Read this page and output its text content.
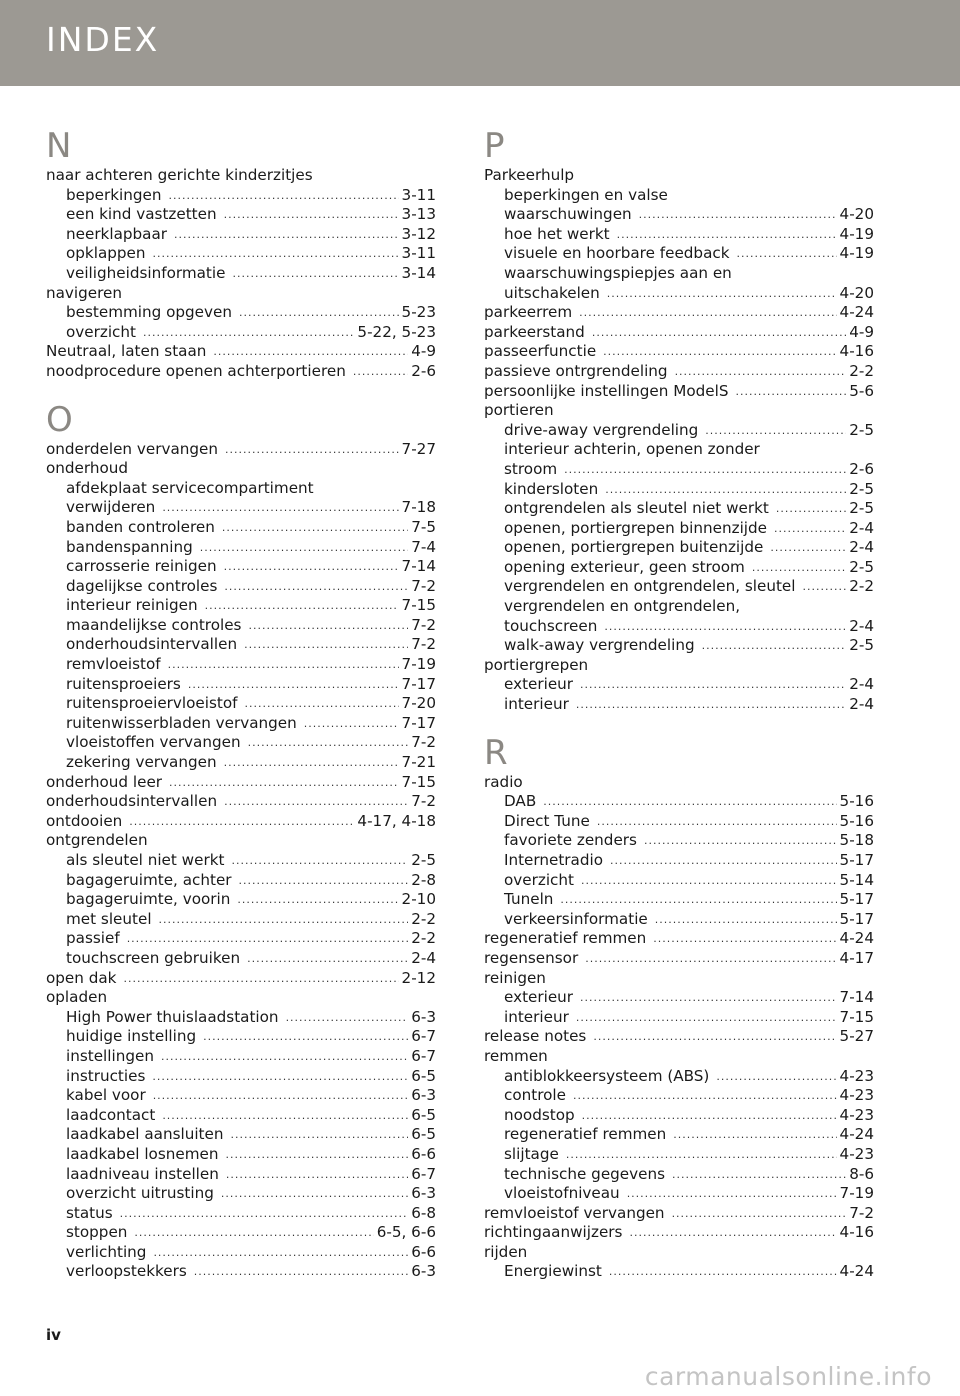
INDEX
N
naar achteren gerichte kinderzitjes
beperkingen .....	3-11
een kind vastzetten .....	3-13
neerklapbaar .....	3-12
opklappen .....	3-11
veiligheidsinformatie .....	3-14
navigeren
bestemming opgeven .....	5-23
overzicht .....	5-22, 5-23
Neutraal, laten staan .....	4-9
noodprocedure openen achterportieren .....	2-6
O
onderdelen vervangen .....	7-27
onderhoud
afdekplaat servicecompartiment
verwijderen .....	7-18
banden controleren .....	7-5
bandenspanning .....	7-4
carrosserie reinigen .....	7-14
dagelijkse controles .....	7-2
interieur reinigen .....	7-15
maandelijkse controles .....	7-2
onderhoudsintervallen .....	7-2
remvloeistof .....	7-19
ruitensproeiers .....	7-17
ruitensproeiervloeistof .....	7-20
ruitenwisserbladen vervangen .....	7-17
vloeistoffen vervangen .....	7-2
zekering vervangen .....	7-21
onderhoud leer .....	7-15
onderhoudsintervallen .....	7-2
ontdooien .....	4-17, 4-18
ontgrendelen
als sleutel niet werkt .....	2-5
bagageruimte, achter .....	2-8
bagageruimte, voorin .....	2-10
met sleutel .....	2-2
passief .....	2-2
touchscreen gebruiken .....	2-4
open dak .....	2-12
opladen
High Power thuislaadstation .....	6-3
huidige instelling .....	6-7
instellingen .....	6-7
instructies .....	6-5
kabel voor .....	6-3
laadcontact .....	6-5
laadkabel aansluiten .....	6-5
laadkabel losnemen .....	6-6
laadniveau instellen .....	6-7
overzicht uitrusting .....	6-3
status .....	6-8
stoppen .....	6-5, 6-6
verlichting .....	6-6
verloopstekkers .....	6-3
P
Parkeerhulp
beperkingen en valse
waarschuwingen .....	4-20
hoe het werkt .....	4-19
visuele en hoorbare feedback .....	4-19
waarschuwingspiepjes aan en
uitschakelen .....	4-20
parkeerrem .....	4-24
parkeerstand .....	4-9
passeerfunctie .....	4-16
passieve ontrgrendeling .....	2-2
persoonlijke instellingen ModelS .....	5-6
portieren
drive-away vergrendeling .....	2-5
interieur achterin, openen zonder
stroom .....	2-6
kindersloten .....	2-5
ontgrendelen als sleutel niet werkt .....	2-5
openen, portiergrepen binnenzijde .....	2-4
openen, portiergrepen buitenzijde .....	2-4
opening exterieur, geen stroom .....	2-5
vergrendelen en ontgrendelen, sleutel .....	2-2
vergrendelen en ontgrendelen,
touchscreen .....	2-4
walk-away vergrendeling .....	2-5
portiergrepen
exterieur .....	2-4
interieur .....	2-4
R
radio
DAB .....	5-16
Direct Tune .....	5-16
favoriete zenders .....	5-18
Internetradio .....	5-17
overzicht .....	5-14
Tuneln .....	5-17
verkeersinformatie .....	5-17
regeneratief remmen .....	4-24
regensensor .....	4-17
reinigen
exterieur .....	7-14
interieur .....	7-15
release notes .....	5-27
remmen
antiblokkeersysteem (ABS) .....	4-23
controle .....	4-23
noodstop .....	4-23
regeneratief remmen .....	4-24
slijtage .....	4-23
technische gegevens .....	8-6
vloeistofniveau .....	7-19
remvloeistof vervangen .....	7-2
richtingaanwijzers .....	4-16
rijden
Energiewinst .....	4-24
iv
carmanualsonline.info
